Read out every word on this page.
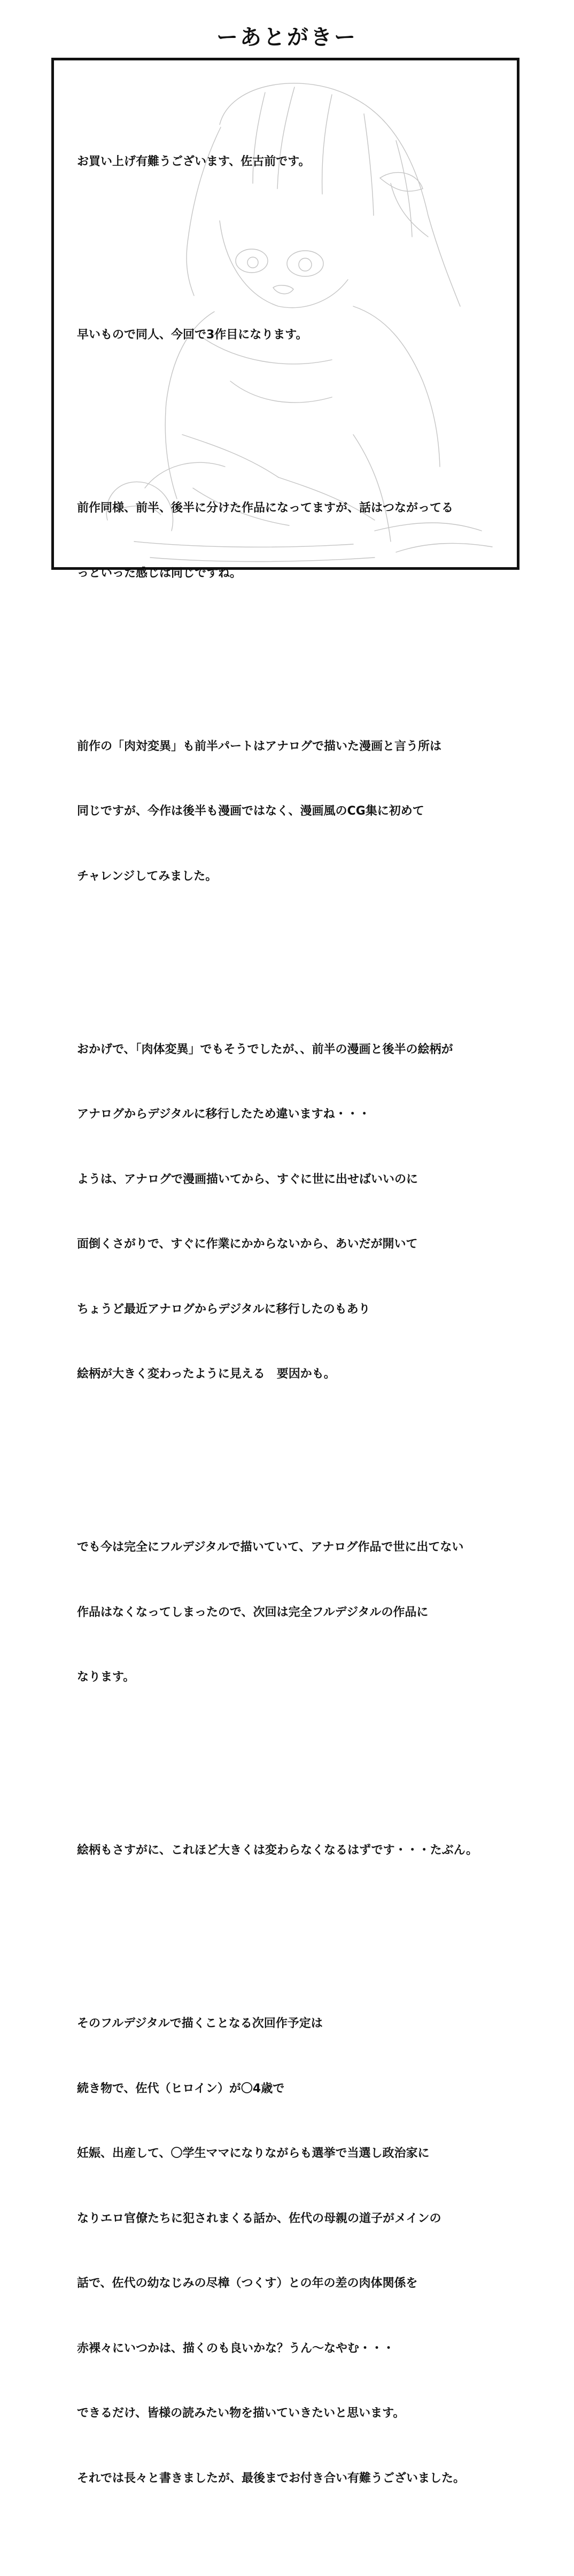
ーあとがきー

お買い上げ有難うございます、佐古前です。

早いもので同人、今回で3作目になります。

前作同様、前半、後半に分けた作品になってますが、話はつながってる

っといった感じは同じですね。

前作の「肉対変異」も前半パートはアナログで描いた漫画と言う所は

同じですが、今作は後半も漫画ではなく、漫画風のCG集に初めて

チャレンジしてみました。

おかげで、「肉体変異」でもそうでしたが、、前半の漫画と後半の絵柄が

アナログからデジタルに移行したため違いますね・・・

ようは、アナログで漫画描いてから、すぐに世に出せばいいのに

面倒くさがりで、すぐに作業にかからないから、あいだが開いて

ちょうど最近アナログからデジタルに移行したのもあり

絵柄が大きく変わったように見える　要因かも。

でも今は完全にフルデジタルで描いていて、アナログ作品で世に出てない

作品はなくなってしまったので、次回は完全フルデジタルの作品に

なります。

絵柄もさすがに、これほど大きくは変わらなくなるはずです・・・たぶん。

そのフルデジタルで描くことなる次回作予定は

続き物で、佐代（ヒロイン）が〇4歳で

妊娠、出産して、〇学生ママになりながらも選挙で当選し政治家に

なりエロ官僚たちに犯されまくる話か、佐代の母親の道子がメインの

話で、佐代の幼なじみの尽樟（つくす）との年の差の肉体関係を

赤裸々にいつかは、描くのも良いかな？うん～なやむ・・・

できるだけ、皆様の読みたい物を描いていきたいと思います。

それでは長々と書きましたが、最後までお付き合い有難うございました。
